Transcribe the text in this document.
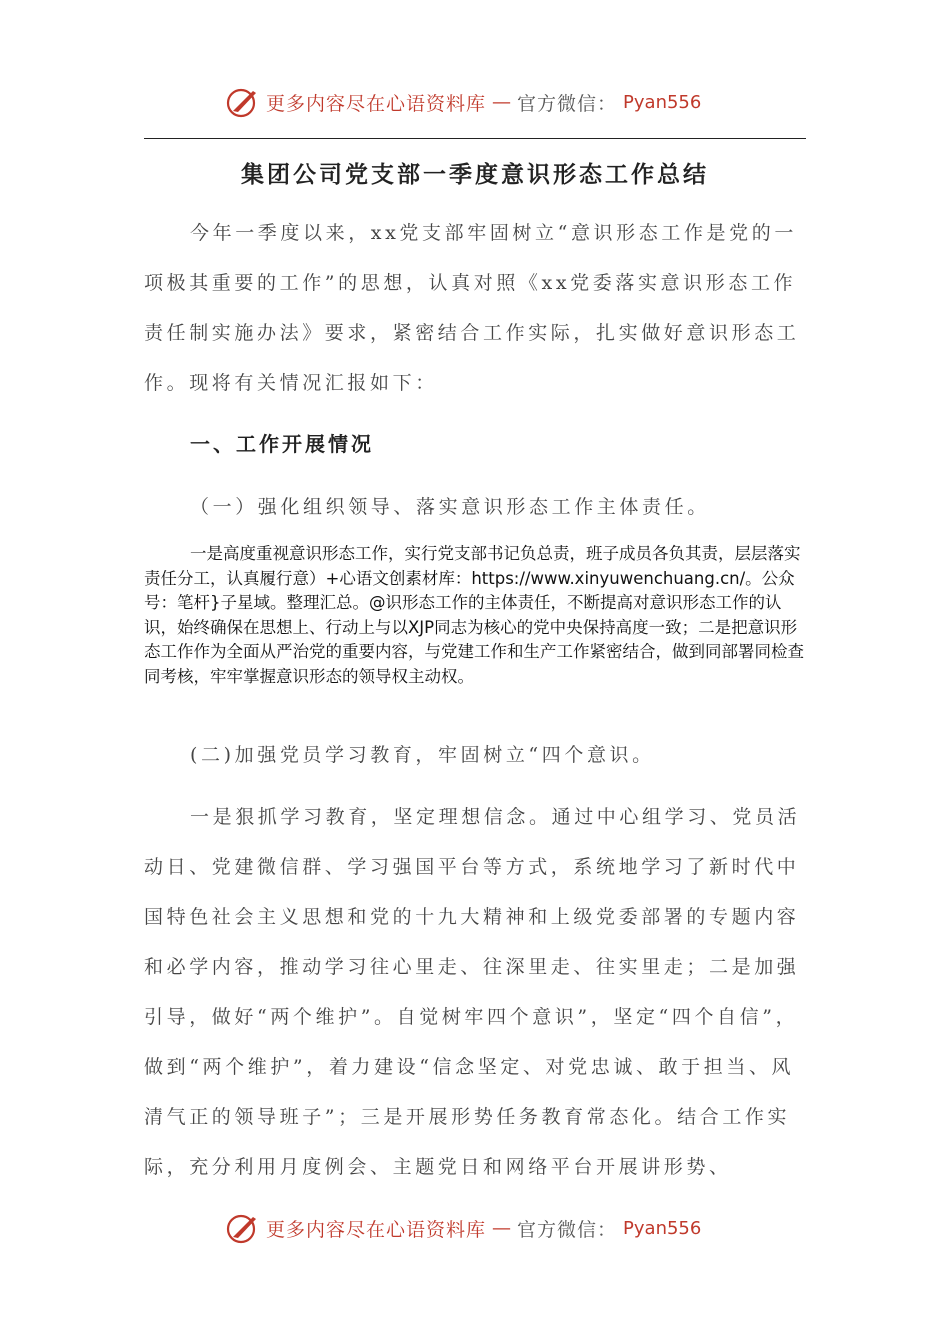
更多内容尽在心语资料库 — 官方微信： Pyan556
集团公司党支部一季度意识形态工作总结

今年一季度以来，xx党支部牢固树立“意识形态工作是党的一项极其重要的工作”的思想，认真对照《xx党委落实意识形态工作责任制实施办法》要求，紧密结合工作实际，扎实做好意识形态工作。现将有关情况汇报如下：

一、工作开展情况
（一）强化组织领导、落实意识形态工作主体责任。

一是高度重视意识形态工作，实行党支部书记负总责，班子成员各负其责，层层落实责任分工，认真履行意）+心语文创素材库：https://www.xinyuwenchuang.cn/。公众号：笔杆}子星域。整理汇总。@识形态工作的主体责任，不断提高对意识形态工作的认识，始终确保在思想上、行动上与以XJP同志为核心的党中央保持高度一致；二是把意识形态工作作为全面从严治党的重要内容，与党建工作和生产工作紧密结合，做到同部署同检查同考核，牢牢掌握意识形态的领导权主动权。

(二)加强党员学习教育，牢固树立“四个意识。

一是狠抓学习教育，坚定理想信念。通过中心组学习、党员活动日、党建微信群、学习强国平台等方式，系统地学习了新时代中国特色社会主义思想和党的十九大精神和上级党委部署的专题内容和必学内容，推动学习往心里走、往深里走、往实里走；二是加强引导，做好“两个维护”。自觉树牢四个意识”，坚定“四个自信”，做到“两个维护”，着力建设“信念坚定、对党忠诚、敢于担当、风清气正的领导班子”；三是开展形势任务教育常态化。结合工作实际，充分利用月度例会、主题党日和网络平台开展讲形势、

更多内容尽在心语资料库 — 官方微信： Pyan556
